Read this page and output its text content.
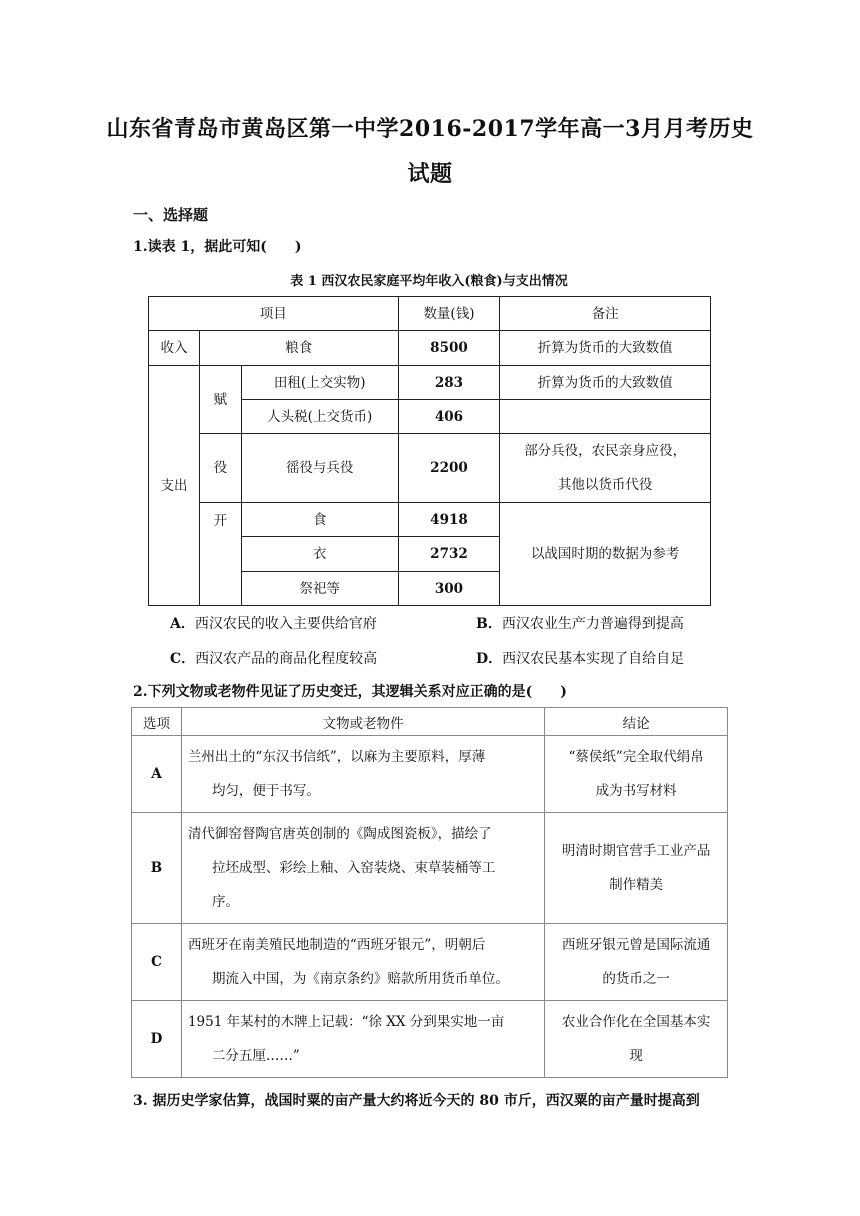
山东省青岛市黄岛区第一中学2016-2017学年高一3月月考历史
试题
一、选择题
1.读表 1，据此可知(　　)
表 1 西汉农民家庭平均年收入(粮食)与支出情况
项目			数量(钱)	备注
收入	粮食		8500	折算为货币的大致数值
支出	赋	田租(上交实物)	283	折算为货币的大致数值
		人头税(上交货币)	406	
	役	徭役与兵役	2200	部分兵役，农民亲身应役，
其他以货币代役

	开	食	4918	以战国时期的数据为参考
		衣	2732	
		祭祀等	300	
A．西汉农民的收入主要供给官府	B．西汉农业生产力普遍得到提高
C．西汉农产品的商品化程度较高	D．西汉农民基本实现了自给自足
2.下列文物或老物件见证了历史变迁，其逻辑关系对应正确的是(　　)
选项	文物或老物件	结论
A	兰州出土的“东汉书信纸”，以麻为主要原料，厚薄
均匀，便于书写。	“蔡侯纸”完全取代绢帛
成为书写材料

B	清代御窑督陶官唐英创制的《陶成图瓷板》，描绘了
拉坯成型、彩绘上釉、入窑装烧、束草装桶等工
序。	明清时期官营手工业产品
制作精美

C	西班牙在南美殖民地制造的“西班牙银元”，明朝后
期流入中国，为《南京条约》赔款所用货币单位。	西班牙银元曾是国际流通
的货币之一

D	1951 年某村的木牌上记载：“徐 XX 分到果实地一亩
二分五厘……”	农业合作化在全国基本实
现
3. 据历史学家估算，战国时粟的亩产量大约将近今天的 80 市斤，西汉粟的亩产量时提高到
